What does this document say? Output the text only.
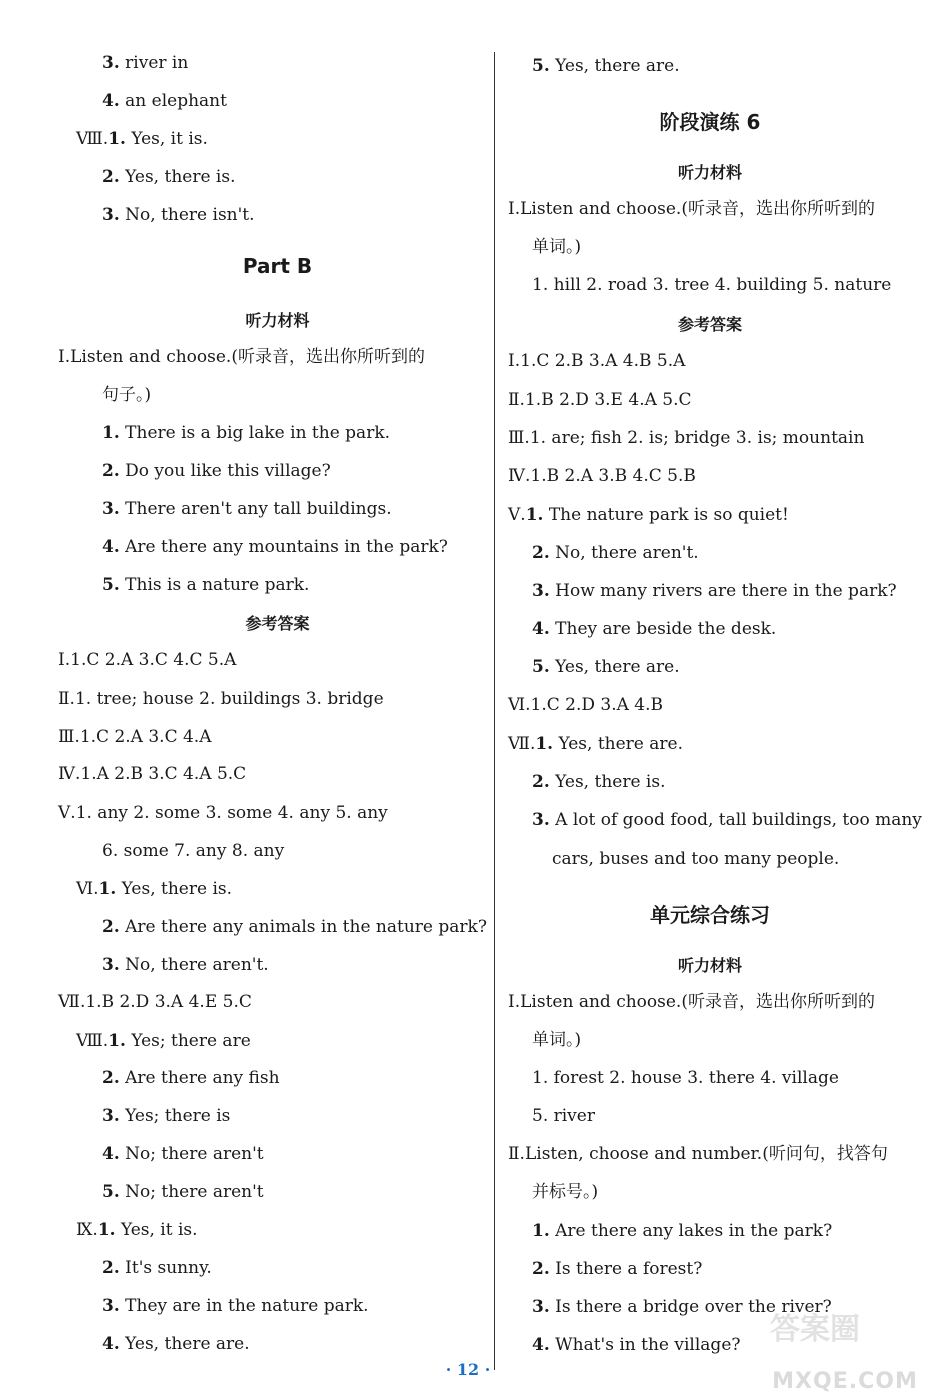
3. river in
4. an elephant
Ⅷ.1. Yes, it is.
2. Yes, there is.
3. No, there isn't.
Part B
听力材料
Ⅰ.Listen and choose.(听录音，选出你所听到的
句子。)
1. There is a big lake in the park.
2. Do you like this village?
3. There aren't any tall buildings.
4. Are there any mountains in the park?
5. This is a nature park.
参考答案
Ⅰ.1.C 2.A 3.C 4.C 5.A
Ⅱ.1. tree; house 2. buildings 3. bridge
Ⅲ.1.C 2.A 3.C 4.A
Ⅳ.1.A 2.B 3.C 4.A 5.C
Ⅴ.1. any 2. some 3. some 4. any 5. any
6. some 7. any 8. any
Ⅵ.1. Yes, there is.
2. Are there any animals in the nature park?
3. No, there aren't.
Ⅶ.1.B 2.D 3.A 4.E 5.C
Ⅷ.1. Yes; there are
2. Are there any fish
3. Yes; there is
4. No; there aren't
5. No; there aren't
Ⅸ.1. Yes, it is.
2. It's sunny.
3. They are in the nature park.
4. Yes, there are.
5. Yes, there are.
阶段演练 6
听力材料
Ⅰ.Listen and choose.(听录音，选出你所听到的
单词。)
1. hill 2. road 3. tree 4. building 5. nature
参考答案
Ⅰ.1.C 2.B 3.A 4.B 5.A
Ⅱ.1.B 2.D 3.E 4.A 5.C
Ⅲ.1. are; fish 2. is; bridge 3. is; mountain
Ⅳ.1.B 2.A 3.B 4.C 5.B
Ⅴ.1. The nature park is so quiet!
2. No, there aren't.
3. How many rivers are there in the park?
4. They are beside the desk.
5. Yes, there are.
Ⅵ.1.C 2.D 3.A 4.B
Ⅶ.1. Yes, there are.
2. Yes, there is.
3. A lot of good food, tall buildings, too many
cars, buses and too many people.
单元综合练习
听力材料
Ⅰ.Listen and choose.(听录音，选出你所听到的
单词。)
1. forest 2. house 3. there 4. village
5. river
Ⅱ.Listen, choose and number.(听问句，找答句
并标号。)
1. Are there any lakes in the park?
2. Is there a forest?
3. Is there a bridge over the river?
4. What's in the village?
· 12 ·
答案圈
MXQE.COM
